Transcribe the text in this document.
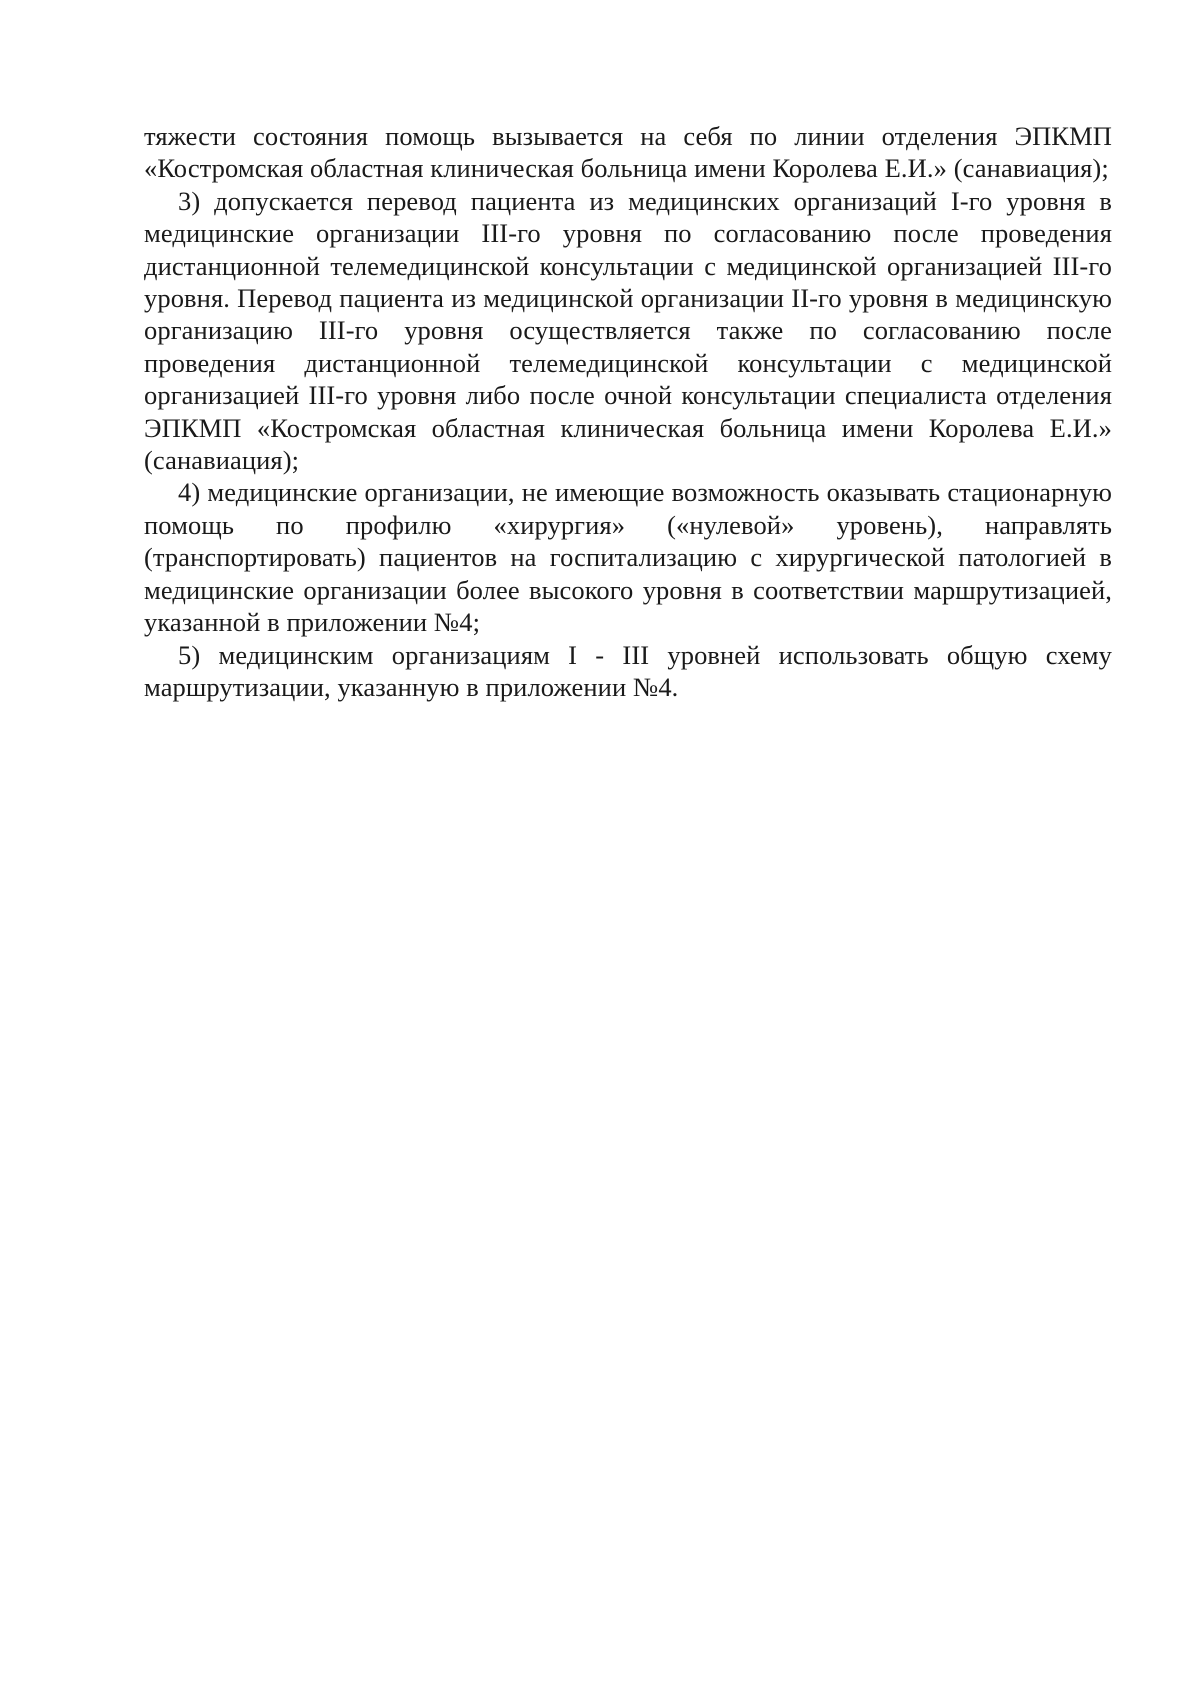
тяжести состояния помощь вызывается на себя по линии отделения ЭПКМП «Костромская областная клиническая больница имени Королева Е.И.» (санавиация);

3) допускается перевод пациента из медицинских организаций I-го уровня в медицинские организации III-го уровня по согласованию после проведения дистанционной телемедицинской консультации с медицинской организацией III-го уровня. Перевод пациента из медицинской организации II-го уровня в медицинскую организацию III-го уровня осуществляется также по согласованию после проведения дистанционной телемедицинской консультации с медицинской организацией III-го уровня либо после очной консультации специалиста отделения ЭПКМП «Костромская областная клиническая больница имени Королева Е.И.» (санавиация);

4) медицинские организации, не имеющие возможность оказывать стационарную помощь по профилю «хирургия» («нулевой» уровень), направлять (транспортировать) пациентов на госпитализацию с хирургической патологией в медицинские организации более высокого уровня в соответствии маршрутизацией, указанной в приложении №4;

5) медицинским организациям I - III уровней использовать общую схему маршрутизации, указанную в приложении №4.
